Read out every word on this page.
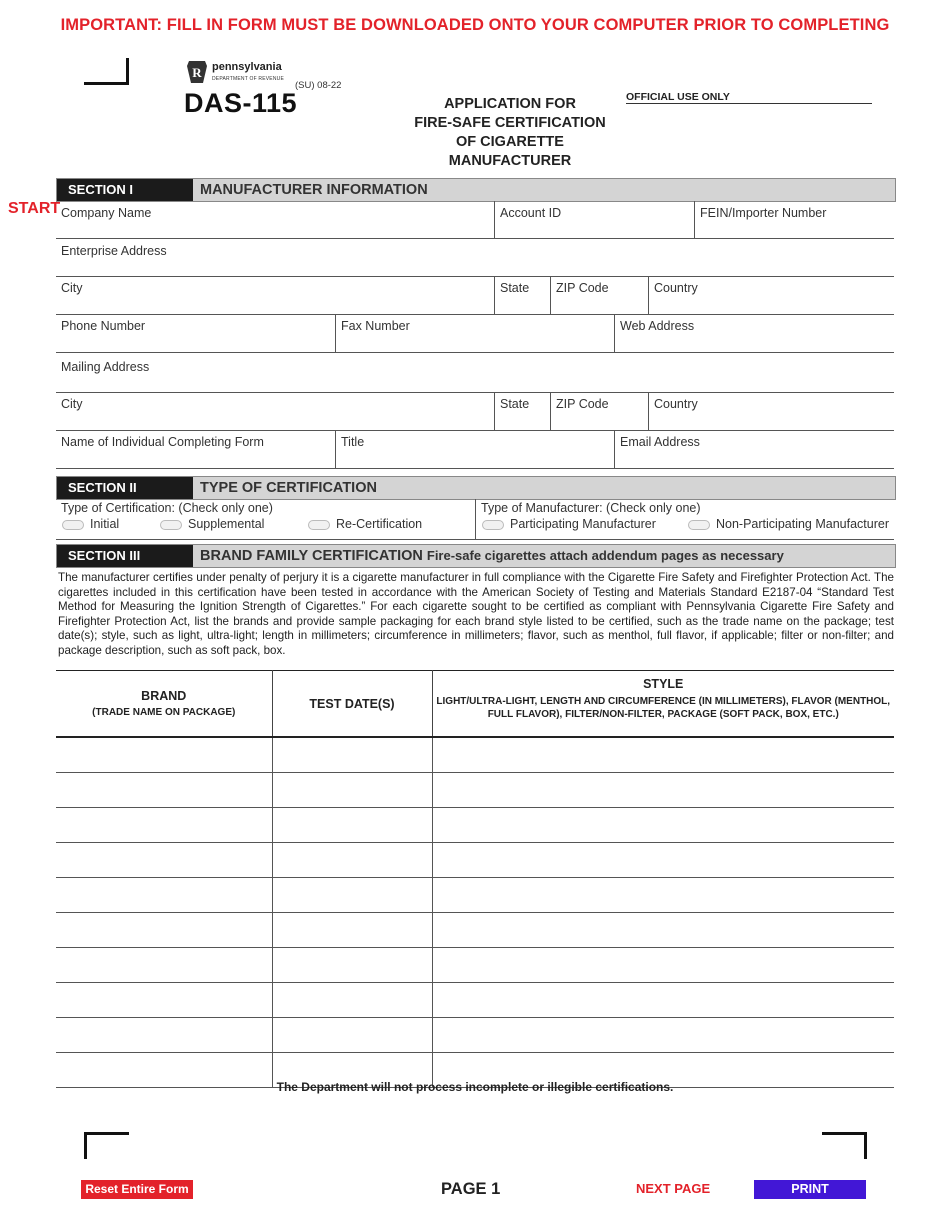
IMPORTANT: FILL IN FORM MUST BE DOWNLOADED ONTO YOUR COMPUTER PRIOR TO COMPLETING
R pennsylvania
DEPARTMENT OF REVENUE
(SU) 08-22
DAS-115	APPLICATION FOR
FIRE-SAFE CERTIFICATION
OF CIGARETTE
MANUFACTURER
OFFICIAL USE ONLY
SECTION I	MANUFACTURER INFORMATION
START Company Name	Account ID	FEIN/Importer Number
Enterprise Address
City	State	ZIP Code	Country
Phone Number	Fax Number	Web Address
Mailing Address
City	State	ZIP Code	Country
Name of Individual Completing Form	Title	Email Address
SECTION II	TYPE OF CERTIFICATION
Type of Certification: (Check only one)
Initial	Supplemental	Re-Certification
Type of Manufacturer: (Check only one)
Participating Manufacturer	Non-Participating Manufacturer
SECTION III	BRAND FAMILY CERTIFICATION Fire-safe cigarettes attach addendum pages as necessary
The manufacturer certifies under penalty of perjury it is a cigarette manufacturer in full compliance with the Cigarette Fire Safety and Firefighter Protection Act. The cigarettes included in this certification have been tested in accordance with the American Society of Testing and Materials Standard E2187-04 “Standard Test Method for Measuring the Ignition Strength of Cigarettes.” For each cigarette sought to be certified as compliant with Pennsylvania Cigarette Fire Safety and Firefighter Protection Act, list the brands and provide sample packaging for each brand style listed to be certified, such as the trade name on the package; test date(s); style, such as light, ultra-light; length in millimeters; circumference in millimeters; flavor, such as menthol, full flavor, if applicable; filter or non-filter; and package description, such as soft pack, box.
BRAND
(TRADE NAME ON PACKAGE)	TEST DATE(S)	STYLE
LIGHT/ULTRA-LIGHT, LENGTH AND CIRCUMFERENCE (IN MILLIMETERS), FLAVOR (MENTHOL, FULL FLAVOR), FILTER/NON-FILTER, PACKAGE (SOFT PACK, BOX, ETC.)

The Department will not process incomplete or illegible certifications.
Reset Entire Form	PAGE 1	NEXT PAGE	PRINT
